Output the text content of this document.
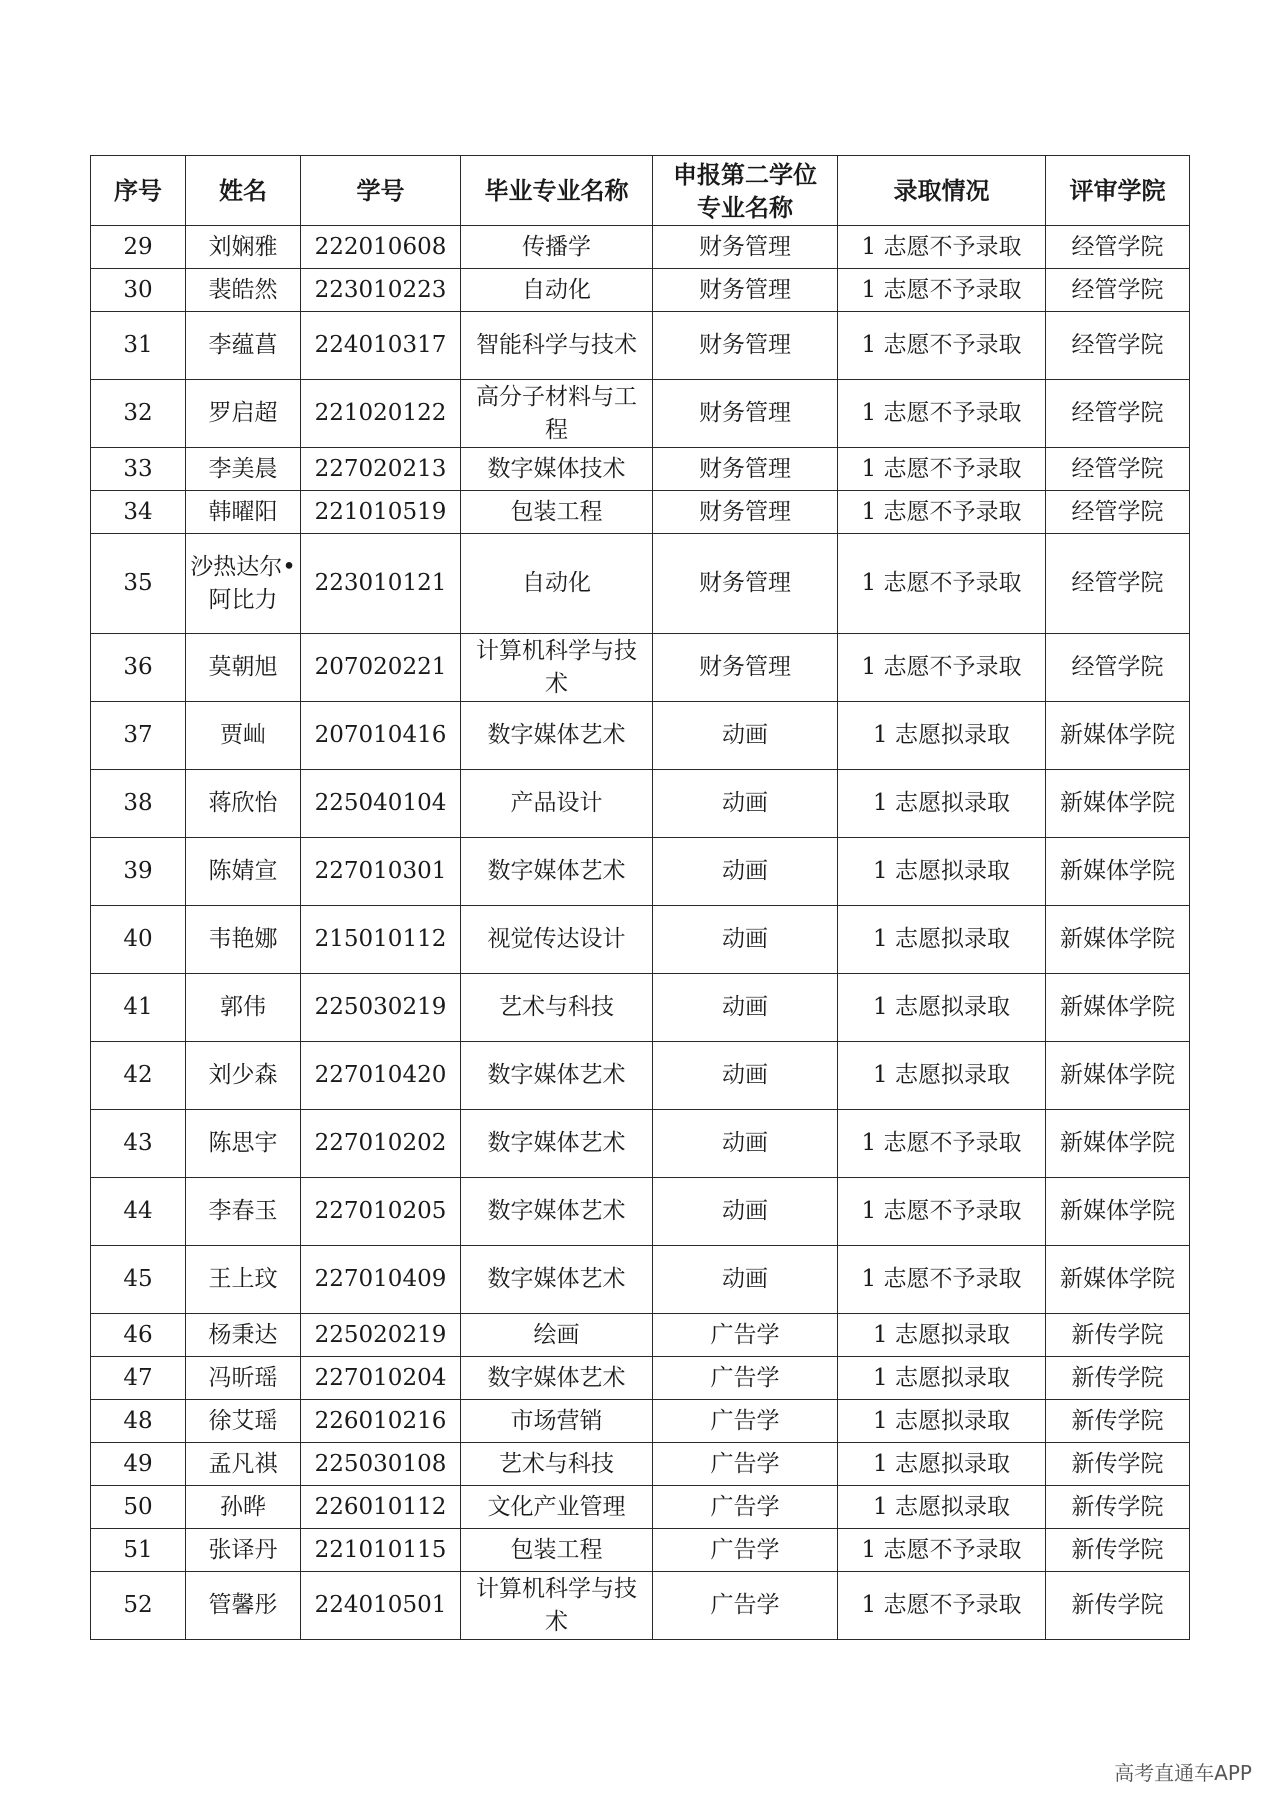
序号	姓名	学号	毕业专业名称	申报第二学位专业名称	录取情况	评审学院
29	刘娴雅	222010608	传播学	财务管理	1 志愿不予录取	经管学院
30	裴皓然	223010223	自动化	财务管理	1 志愿不予录取	经管学院
31	李蕴菖	224010317	智能科学与技术	财务管理	1 志愿不予录取	经管学院
32	罗启超	221020122	高分子材料与工程	财务管理	1 志愿不予录取	经管学院
33	李美晨	227020213	数字媒体技术	财务管理	1 志愿不予录取	经管学院
34	韩曜阳	221010519	包装工程	财务管理	1 志愿不予录取	经管学院
35	沙热达尔•阿比力	223010121	自动化	财务管理	1 志愿不予录取	经管学院
36	莫朝旭	207020221	计算机科学与技术	财务管理	1 志愿不予录取	经管学院
37	贾屾	207010416	数字媒体艺术	动画	1 志愿拟录取	新媒体学院
38	蒋欣怡	225040104	产品设计	动画	1 志愿拟录取	新媒体学院
39	陈婧宣	227010301	数字媒体艺术	动画	1 志愿拟录取	新媒体学院
40	韦艳娜	215010112	视觉传达设计	动画	1 志愿拟录取	新媒体学院
41	郭伟	225030219	艺术与科技	动画	1 志愿拟录取	新媒体学院
42	刘少森	227010420	数字媒体艺术	动画	1 志愿拟录取	新媒体学院
43	陈思宇	227010202	数字媒体艺术	动画	1 志愿不予录取	新媒体学院
44	李春玉	227010205	数字媒体艺术	动画	1 志愿不予录取	新媒体学院
45	王上玟	227010409	数字媒体艺术	动画	1 志愿不予录取	新媒体学院
46	杨秉达	225020219	绘画	广告学	1 志愿拟录取	新传学院
47	冯昕瑶	227010204	数字媒体艺术	广告学	1 志愿拟录取	新传学院
48	徐艾瑶	226010216	市场营销	广告学	1 志愿拟录取	新传学院
49	孟凡祺	225030108	艺术与科技	广告学	1 志愿拟录取	新传学院
50	孙晔	226010112	文化产业管理	广告学	1 志愿拟录取	新传学院
51	张译丹	221010115	包装工程	广告学	1 志愿不予录取	新传学院
52	管馨彤	224010501	计算机科学与技术	广告学	1 志愿不予录取	新传学院
高考直通车APP
